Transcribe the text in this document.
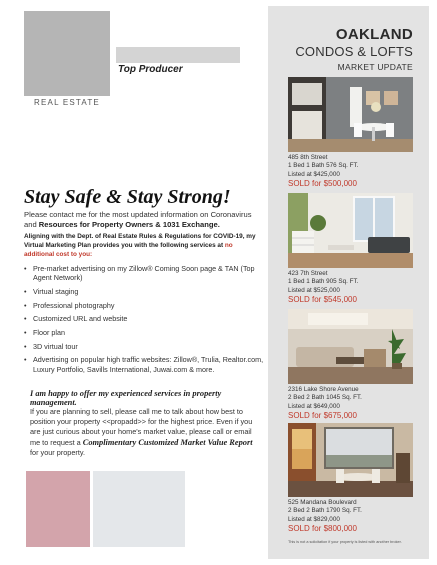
REAL ESTATE
Top Producer
Stay Safe & Stay Strong!
Please contact me for the most updated information on Coronavirus and Resources for Property Owners & 1031 Exchange.
Aligning with the Dept. of Real Estate Rules & Regulations for COVID-19, my Virtual Marketing Plan provides you with the following services at no additional cost to you:
• Pre-market advertising on my Zillow® Coming Soon page & TAN (Top Agent Network)
• Virtual staging
• Professional photography
• Customized URL and website
• Floor plan
• 3D virtual tour
• Advertising on popular high traffic websites: Zillow®, Trulia, Realtor.com, Luxury Portfolio, Savills International, Juwai.com & more.
I am happy to offer my experienced services in property management.
If you are planning to sell, please call me to talk about how best to position your property <<propadd>> for the highest price. Even if you are just curious about your home's market value, please call or email me to request a Complimentary Customized Market Value Report for your property.
OAKLAND
CONDOS & LOFTS
MARKET UPDATE
485 8th Street
1 Bed 1 Bath 576 Sq. FT.
Listed at $425,000
SOLD for $500,000
423 7th Street
1 Bed 1 Bath 905 Sq. FT.
Listed at $525,000
SOLD for $545,000
2316 Lake Shore Avenue
2 Bed 2 Bath 1045 Sq. FT.
Listed at $649,000
SOLD for $675,000
525 Mandana Boulevard
2 Bed 2 Bath 1790 Sq. FT.
Listed at $829,000
SOLD for $800,000
This is not a solicitation if your property is listed with another broker.
